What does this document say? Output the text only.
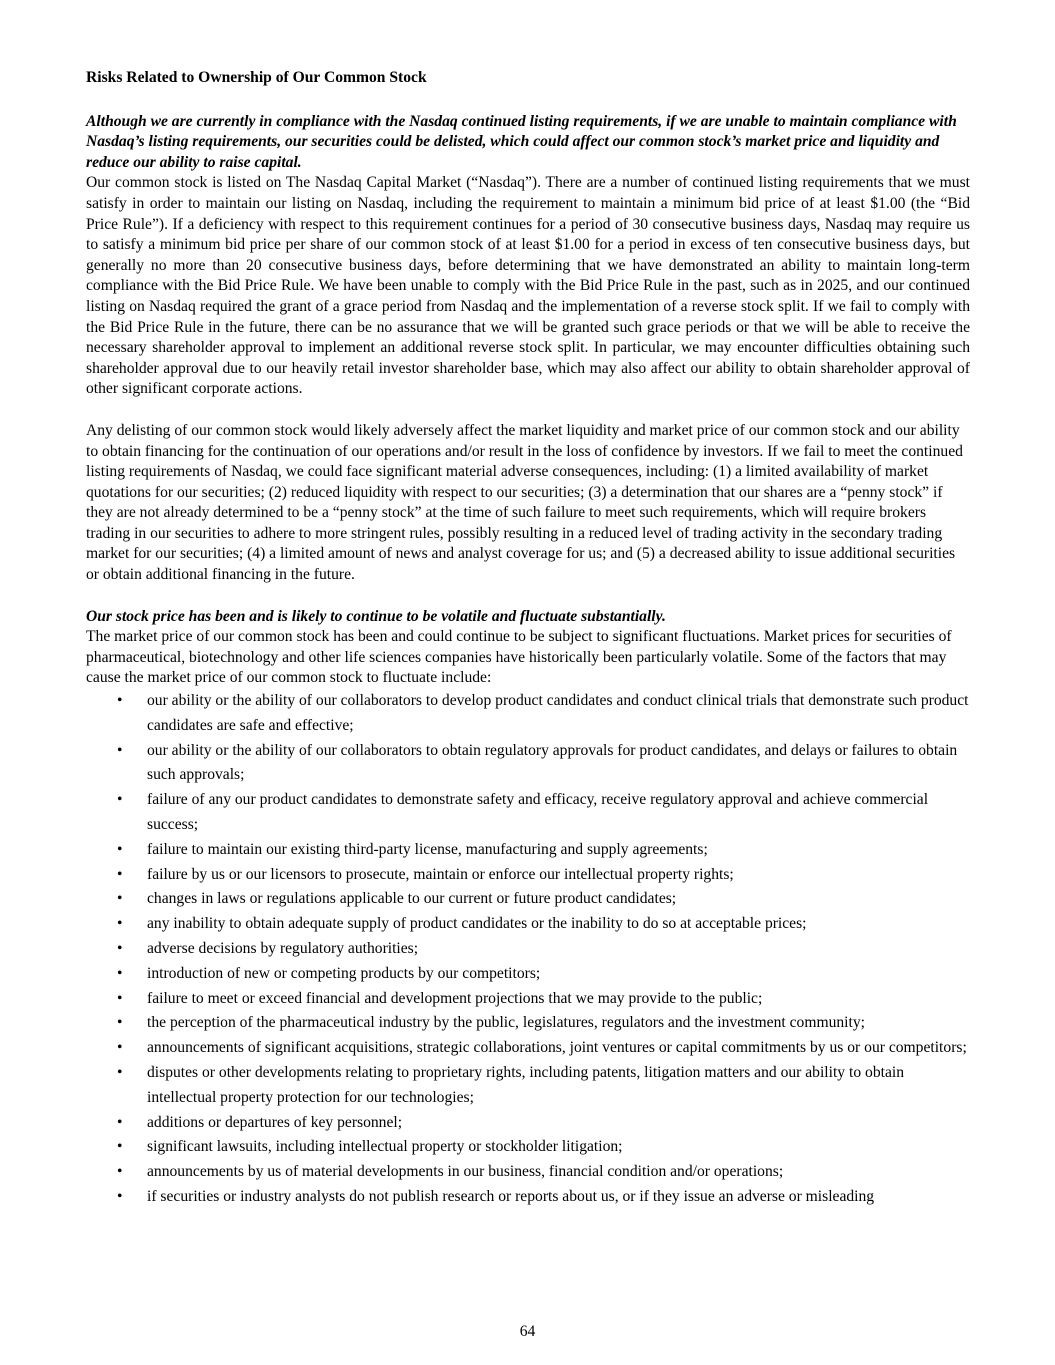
Risks Related to Ownership of Our Common Stock

Although we are currently in compliance with the Nasdaq continued listing requirements, if we are unable to maintain compliance with Nasdaq’s listing requirements, our securities could be delisted, which could affect our common stock’s market price and liquidity and reduce our ability to raise capital.

Our common stock is listed on The Nasdaq Capital Market (“Nasdaq”). There are a number of continued listing requirements that we must satisfy in order to maintain our listing on Nasdaq, including the requirement to maintain a minimum bid price of at least $1.00 (the “Bid Price Rule”). If a deficiency with respect to this requirement continues for a period of 30 consecutive business days, Nasdaq may require us to satisfy a minimum bid price per share of our common stock of at least $1.00 for a period in excess of ten consecutive business days, but generally no more than 20 consecutive business days, before determining that we have demonstrated an ability to maintain long-term compliance with the Bid Price Rule. We have been unable to comply with the Bid Price Rule in the past, such as in 2025, and our continued listing on Nasdaq required the grant of a grace period from Nasdaq and the implementation of a reverse stock split. If we fail to comply with the Bid Price Rule in the future, there can be no assurance that we will be granted such grace periods or that we will be able to receive the necessary shareholder approval to implement an additional reverse stock split. In particular, we may encounter difficulties obtaining such shareholder approval due to our heavily retail investor shareholder base, which may also affect our ability to obtain shareholder approval of other significant corporate actions.

Any delisting of our common stock would likely adversely affect the market liquidity and market price of our common stock and our ability to obtain financing for the continuation of our operations and/or result in the loss of confidence by investors. If we fail to meet the continued listing requirements of Nasdaq, we could face significant material adverse consequences, including: (1) a limited availability of market quotations for our securities; (2) reduced liquidity with respect to our securities; (3) a determination that our shares are a “penny stock” if they are not already determined to be a “penny stock” at the time of such failure to meet such requirements, which will require brokers trading in our securities to adhere to more stringent rules, possibly resulting in a reduced level of trading activity in the secondary trading market for our securities; (4) a limited amount of news and analyst coverage for us; and (5) a decreased ability to issue additional securities or obtain additional financing in the future.

Our stock price has been and is likely to continue to be volatile and fluctuate substantially.

The market price of our common stock has been and could continue to be subject to significant fluctuations. Market prices for securities of pharmaceutical, biotechnology and other life sciences companies have historically been particularly volatile. Some of the factors that may cause the market price of our common stock to fluctuate include:

• our ability or the ability of our collaborators to develop product candidates and conduct clinical trials that demonstrate such product candidates are safe and effective;
• our ability or the ability of our collaborators to obtain regulatory approvals for product candidates, and delays or failures to obtain such approvals;
• failure of any our product candidates to demonstrate safety and efficacy, receive regulatory approval and achieve commercial success;
• failure to maintain our existing third-party license, manufacturing and supply agreements;
• failure by us or our licensors to prosecute, maintain or enforce our intellectual property rights;
• changes in laws or regulations applicable to our current or future product candidates;
• any inability to obtain adequate supply of product candidates or the inability to do so at acceptable prices;
• adverse decisions by regulatory authorities;
• introduction of new or competing products by our competitors;
• failure to meet or exceed financial and development projections that we may provide to the public;
• the perception of the pharmaceutical industry by the public, legislatures, regulators and the investment community;
• announcements of significant acquisitions, strategic collaborations, joint ventures or capital commitments by us or our competitors;
• disputes or other developments relating to proprietary rights, including patents, litigation matters and our ability to obtain intellectual property protection for our technologies;
• additions or departures of key personnel;
• significant lawsuits, including intellectual property or stockholder litigation;
• announcements by us of material developments in our business, financial condition and/or operations;
• if securities or industry analysts do not publish research or reports about us, or if they issue an adverse or misleading
64
